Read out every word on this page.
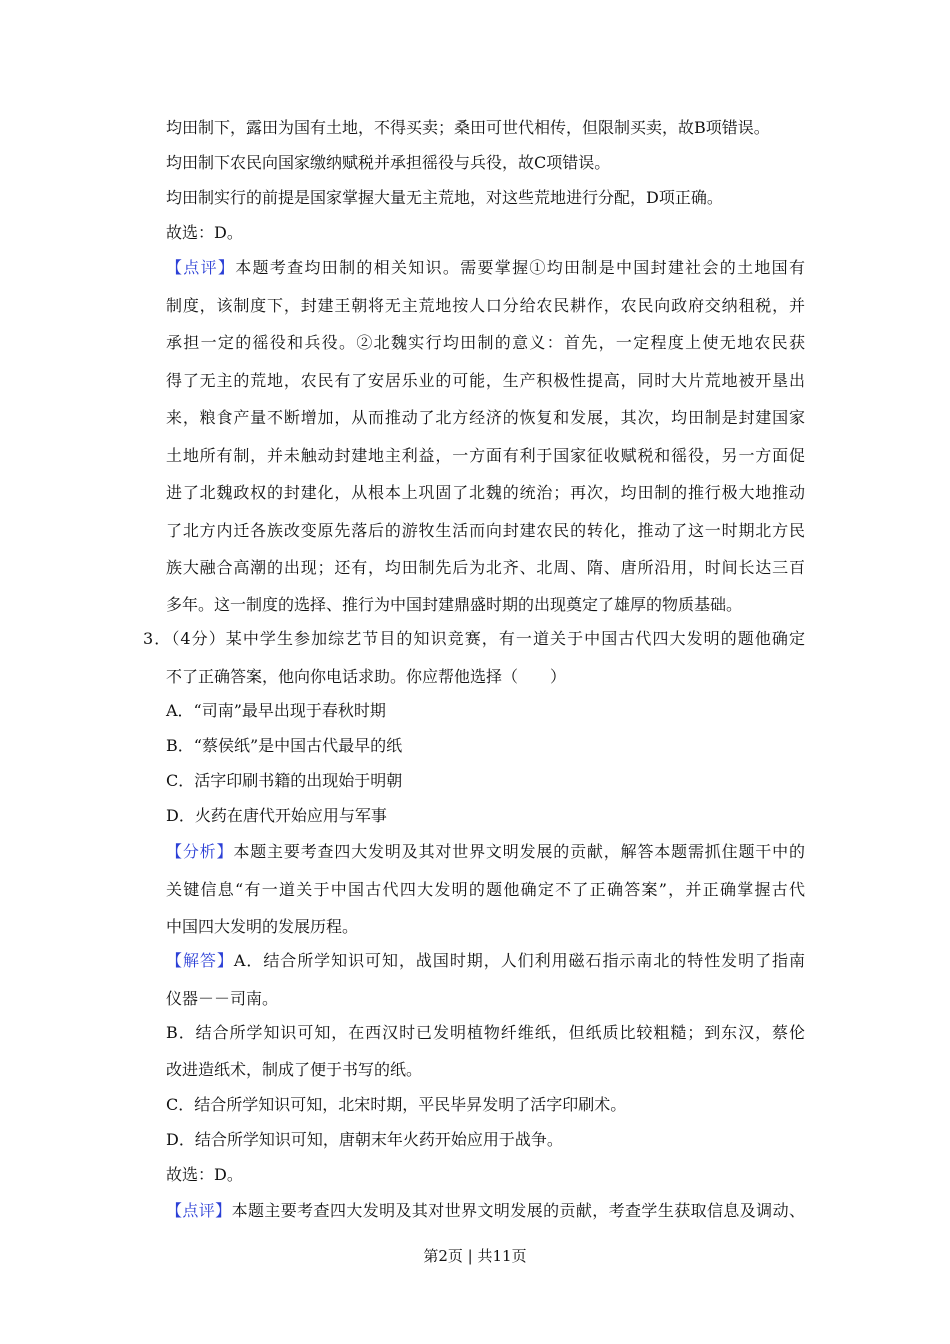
均田制下，露田为国有土地，不得买卖；桑田可世代相传，但限制买卖，故B项错误。
均田制下农民向国家缴纳赋税并承担徭役与兵役，故C项错误。
均田制实行的前提是国家掌握大量无主荒地，对这些荒地进行分配，D项正确。
故选：D。
【点评】本题考查均田制的相关知识。需要掌握①均田制是中国封建社会的土地国有
制度，该制度下，封建王朝将无主荒地按人口分给农民耕作，农民向政府交纳租税，并
承担一定的徭役和兵役。②北魏实行均田制的意义：首先，一定程度上使无地农民获
得了无主的荒地，农民有了安居乐业的可能，生产积极性提高，同时大片荒地被开垦出
来，粮食产量不断增加，从而推动了北方经济的恢复和发展，其次，均田制是封建国家
土地所有制，并未触动封建地主利益，一方面有利于国家征收赋税和徭役，另一方面促
进了北魏政权的封建化，从根本上巩固了北魏的统治；再次，均田制的推行极大地推动
了北方内迁各族改变原先落后的游牧生活而向封建农民的转化，推动了这一时期北方民
族大融合高潮的出现；还有，均田制先后为北齐、北周、隋、唐所沿用，时间长达三百
多年。这一制度的选择、推行为中国封建鼎盛时期的出现奠定了雄厚的物质基础。
3．（4分）某中学生参加综艺节目的知识竞赛，有一道关于中国古代四大发明的题他确定
不了正确答案，他向你电话求助。你应帮他选择（　　）
A．“司南”最早出现于春秋时期
B．“蔡侯纸”是中国古代最早的纸
C．活字印刷书籍的出现始于明朝
D．火药在唐代开始应用与军事
【分析】本题主要考查四大发明及其对世界文明发展的贡献，解答本题需抓住题干中的
关键信息“有一道关于中国古代四大发明的题他确定不了正确答案”，并正确掌握古代
中国四大发明的发展历程。
【解答】A．结合所学知识可知，战国时期，人们利用磁石指示南北的特性发明了指南
仪器－－司南。
B．结合所学知识可知，在西汉时已发明植物纤维纸，但纸质比较粗糙；到东汉，蔡伦
改进造纸术，制成了便于书写的纸。
C．结合所学知识可知，北宋时期，平民毕昇发明了活字印刷术。
D．结合所学知识可知，唐朝末年火药开始应用于战争。
故选：D。
【点评】本题主要考查四大发明及其对世界文明发展的贡献，考查学生获取信息及调动、
第2页 | 共11页
